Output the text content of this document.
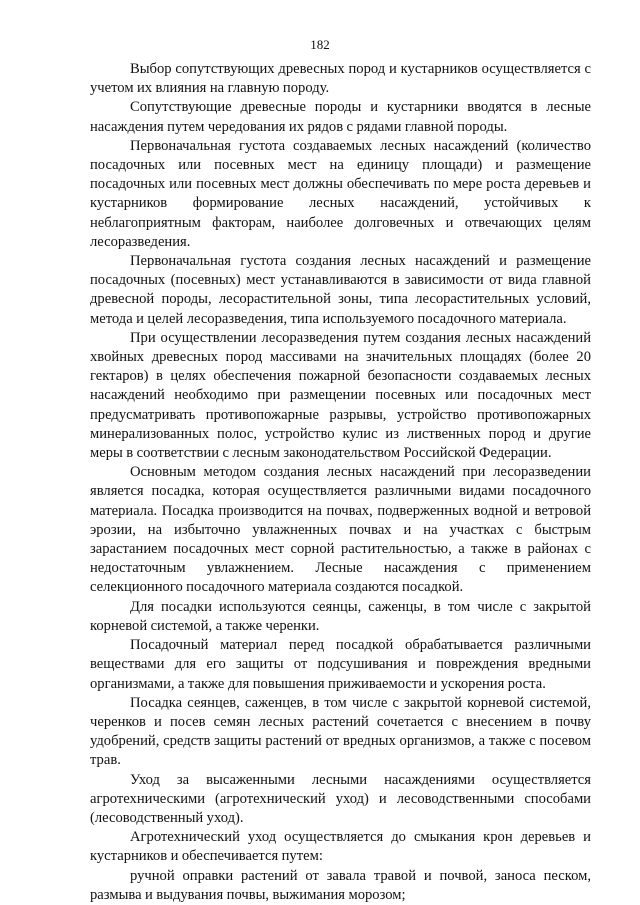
182

Выбор сопутствующих древесных пород и кустарников осуществляется с учетом их влияния на главную породу.

Сопутствующие древесные породы и кустарники вводятся в лесные насаждения путем чередования их рядов с рядами главной породы.

Первоначальная густота создаваемых лесных насаждений (количество посадочных или посевных мест на единицу площади) и размещение посадочных или посевных мест должны обеспечивать по мере роста деревьев и кустарников формирование лесных насаждений, устойчивых к неблагоприятным факторам, наиболее долговечных и отвечающих целям лесоразведения.

Первоначальная густота создания лесных насаждений и размещение посадочных (посевных) мест устанавливаются в зависимости от вида главной древесной породы, лесорастительной зоны, типа лесорастительных условий, метода и целей лесоразведения, типа используемого посадочного материала.

При осуществлении лесоразведения путем создания лесных насаждений хвойных древесных пород массивами на значительных площадях (более 20 гектаров) в целях обеспечения пожарной безопасности создаваемых лесных насаждений необходимо при размещении посевных или посадочных мест предусматривать противопожарные разрывы, устройство противопожарных минерализованных полос, устройство кулис из лиственных пород и другие меры в соответствии с лесным законодательством Российской Федерации.

Основным методом создания лесных насаждений при лесоразведении является посадка, которая осуществляется различными видами посадочного материала. Посадка производится на почвах, подверженных водной и ветровой эрозии, на избыточно увлажненных почвах и на участках с быстрым зарастанием посадочных мест сорной растительностью, а также в районах с недостаточным увлажнением. Лесные насаждения с применением селекционного посадочного материала создаются посадкой.

Для посадки используются сеянцы, саженцы, в том числе с закрытой корневой системой, а также черенки.

Посадочный материал перед посадкой обрабатывается различными веществами для его защиты от подсушивания и повреждения вредными организмами, а также для повышения приживаемости и ускорения роста.

Посадка сеянцев, саженцев, в том числе с закрытой корневой системой, черенков и посев семян лесных растений сочетается с внесением в почву удобрений, средств защиты растений от вредных организмов, а также с посевом трав.

Уход за высаженными лесными насаждениями осуществляется агротехническими (агротехнический уход) и лесоводственными способами (лесоводственный уход).

Агротехнический уход осуществляется до смыкания крон деревьев и кустарников и обеспечивается путем:

ручной оправки растений от завала травой и почвой, заноса песком, размыва и выдувания почвы, выжимания морозом;
